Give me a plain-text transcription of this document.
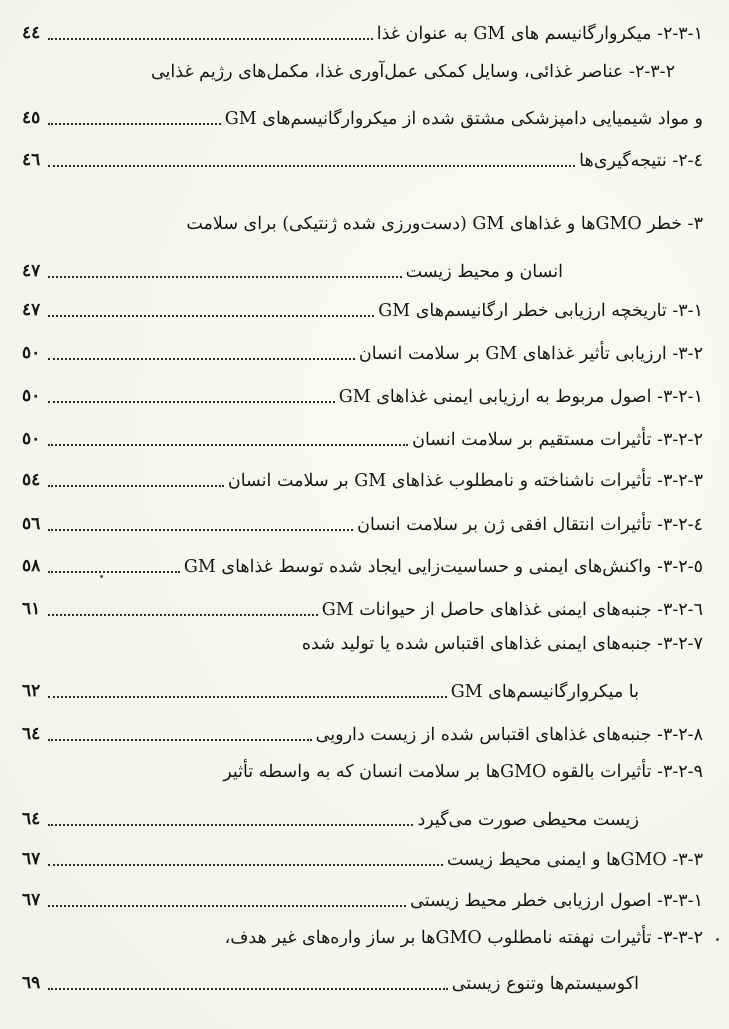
٤٤	١-٣-٢- میکروارگانیسم های GM به عنوان غذا
٢-٣-٢- عناصر غذائی، وسایل کمکی عمل‌آوری غذا، مکمل‌های رژیم غذایی
٤٥	و مواد شیمیایی دامپزشکی مشتق شده از میکروارگانیسم‌های GM
٤٦	٤-٢- نتیجه‌گیری‌ها
٣- خطر GMOها و غذاهای GM (دست‌ورزی شده ژنتیکی) برای سلامت
٤٧	انسان و محیط زیست
٤٧	١-٣- تاریخچه ارزیابی خطر ارگانیسم‌های GM
٥٠	٢-٣- ارزیابی تأثیر غذاهای GM بر سلامت انسان
٥٠	١-٢-٣- اصول مربوط به ارزیابی ایمنی غذاهای GM
٥٠	٢-٢-٣- تأثیرات مستقیم بر سلامت انسان
٥٤	٣-٢-٣- تأثیرات ناشناخته و نامطلوب غذاهای GM بر سلامت انسان
٥٦	٤-٢-٣- تأثیرات انتقال افقی ژن بر سلامت انسان
٥٨	٥-٢-٣- واکنش‌های ایمنی و حساسیت‌زایی ایجاد شده توسط غذاهای GM
٦١	٦-٢-٣- جنبه‌های ایمنی غذاهای حاصل از حیوانات GM
٧-٢-٣- جنبه‌های ایمنی غذاهای اقتباس شده یا تولید شده
٦٢	با میکروارگانیسم‌های GM
٦٤	٨-٢-٣- جنبه‌های غذاهای اقتباس شده از زیست دارویی
٩-٢-٣- تأثیرات بالقوه GMOها بر سلامت انسان که به واسطه تأثیر
٦٤	زیست محیطی صورت می‌گیرد
٦٧	٣-٣- GMOها و ایمنی محیط زیست
٦٧	١-٣-٣- اصول ارزیابی خطر محیط زیستی
٢-٣-٣- تأثیرات نهفته نامطلوب GMOها بر ساز وارەهای غیر هدف،
٦٩	اکوسیستم‌ها وتنوع زیستی
